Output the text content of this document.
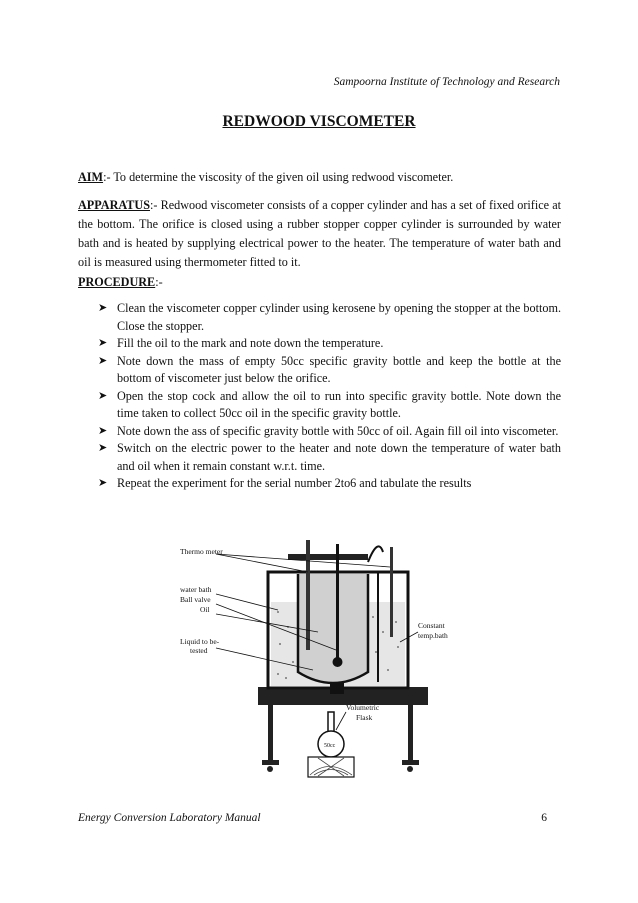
Sampoorna Institute of Technology and Research
REDWOOD VISCOMETER
AIM:- To determine the viscosity of the given oil using redwood viscometer.
APPARATUS:- Redwood viscometer consists of a copper cylinder and has a set of fixed orifice at the bottom. The orifice is closed using a rubber stopper copper cylinder is surrounded by water bath and is heated by supplying electrical power to the heater. The temperature of water bath and oil is measured using thermometer fitted to it.
PROCEDURE:-
➤ Clean the viscometer copper cylinder using kerosene by opening the stopper at the bottom. Close the stopper.
➤ Fill the oil to the mark and note down the temperature.
➤ Note down the mass of empty 50cc specific gravity bottle and keep the bottle at the bottom of viscometer just below the orifice.
➤ Open the stop cock and allow the oil to run into specific gravity bottle. Note down the time taken to collect 50cc oil in the specific gravity bottle.
➤ Note down the ass of specific gravity bottle with 50cc of oil. Again fill oil into viscometer.
➤ Switch on the electric power to the heater and note down the temperature of water bath and oil when it remain constant w.r.t. time.
➤ Repeat the experiment for the serial number 2to6 and tabulate the results
50cc
Thermo meter
water bath
Ball valve
Oil
Liquid to be-
tested
Constant
temp.bath
Volumetric
Flask
Energy Conversion Laboratory Manual	6
